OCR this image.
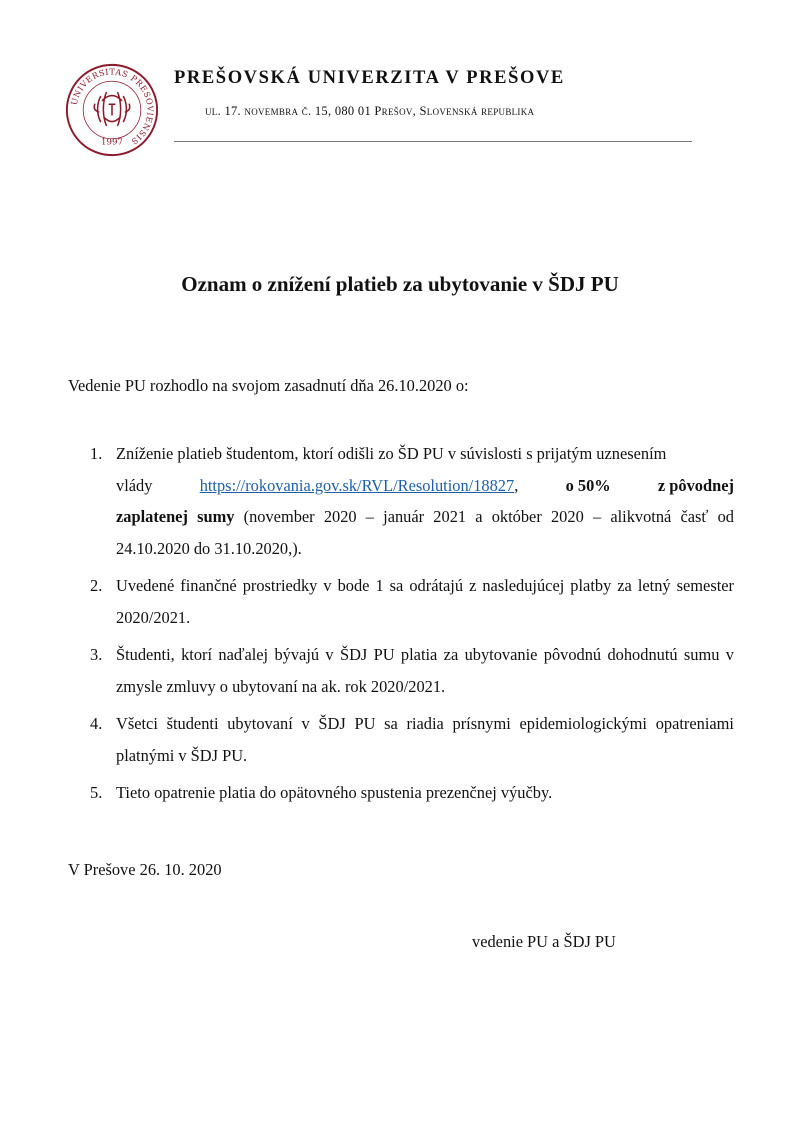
UNIVERSITAS PRESOVIENSIS
1997
PREŠOVSKÁ UNIVERZITA V PREŠOVE
ul. 17. novembra č. 15, 080 01 Prešov, Slovenská republika
Oznam o znížení platieb za ubytovanie v ŠDJ PU
Vedenie PU rozhodlo na svojom zasadnutí dňa 26.10.2020 o:
1. Zníženie platieb študentom, ktorí odišli zo ŠD PU v súvislosti s prijatým uznesením
vlády	https://rokovania.gov.sk/RVL/Resolution/18827,	o 50%	z pôvodnej
zaplatenej sumy (november 2020 – január 2021 a október 2020 – alikvotná časť od 24.10.2020 do 31.10.2020,).
2. Uvedené finančné prostriedky v bode 1 sa odrátajú z nasledujúcej platby za letný semester 2020/2021.
3. Študenti, ktorí naďalej bývajú v ŠDJ PU platia za ubytovanie pôvodnú dohodnutú sumu v zmysle zmluvy o ubytovaní na ak. rok 2020/2021.
4. Všetci študenti ubytovaní v ŠDJ PU sa riadia prísnymi epidemiologickými opatreniami platnými v ŠDJ PU.
5. Tieto opatrenie platia do opätovného spustenia prezenčnej výučby.
V Prešove 26. 10. 2020
vedenie PU a ŠDJ PU
